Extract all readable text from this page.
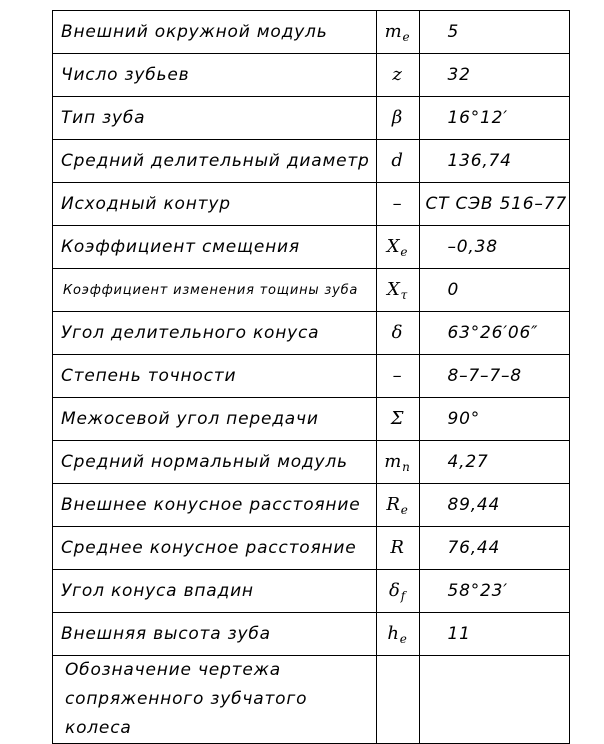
Внешний окружной модуль	$m_e$	5
Число зубьев	z	32
Тип зуба	β	16°12′
Средний делительный диаметр	d	136,74
Исходный контур	–	СТ СЭВ 516–77
Коэффициент смещения	$X_e$	–0,38
Коэффициент изменения тощины зуба	$X_\tau$	0
Угол делительного конуса	δ	63°26′06″
Степень точности	–	8–7–7–8
Межосевой угол передачи	Σ	90°
Средний нормальный модуль	$m_n$	4,27
Внешнее конусное расстояние	$R_e$	89,44
Среднее конусное расстояние	R	76,44
Угол конуса впадин	$\delta_f$	58°23′
Внешняя высота зуба	$h_e$	11
Обозначение чертежа сопряженного зубчатого колеса		
